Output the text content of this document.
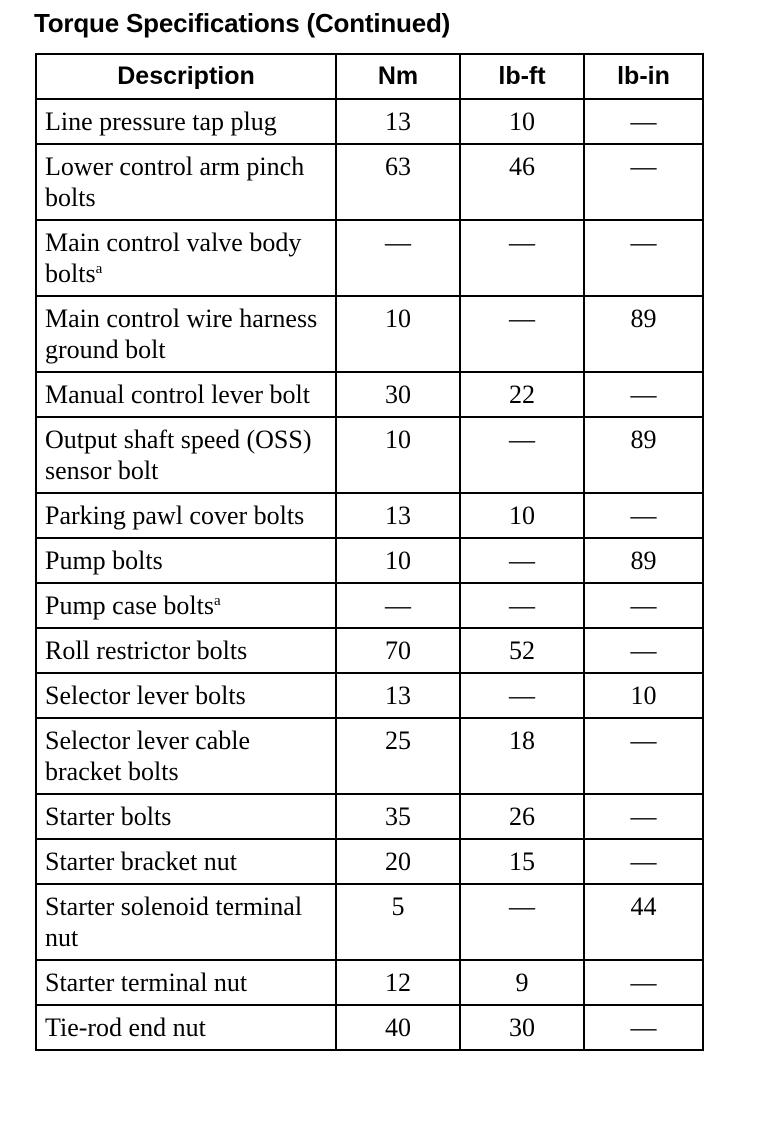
Torque Specifications (Continued)
Description	Nm	lb-ft	lb-in
Line pressure tap plug	13	10	—
Lower control arm pinch bolts	63	46	—
Main control valve body bolts$^a$	—	—	—
Main control wire harness ground bolt	10	—	89
Manual control lever bolt	30	22	—
Output shaft speed (OSS) sensor bolt	10	—	89
Parking pawl cover bolts	13	10	—
Pump bolts	10	—	89
Pump case bolts$^a$	—	—	—
Roll restrictor bolts	70	52	—
Selector lever bolts	13	—	10
Selector lever cable bracket bolts	25	18	—
Starter bolts	35	26	—
Starter bracket nut	20	15	—
Starter solenoid terminal nut	5	—	44
Starter terminal nut	12	9	—
Tie-rod end nut	40	30	—
